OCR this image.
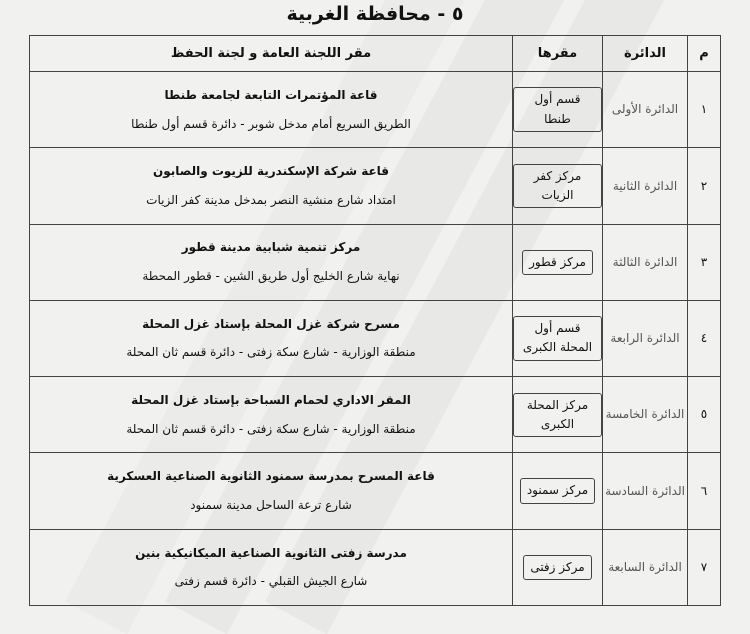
٥ - محافظة الغربية
م	الدائرة	مقرها	مقر اللجنة العامة و لجنة الحفظ
١	الدائرة الأولى	قسم أول طنطا	قاعة المؤتمرات التابعة لجامعة طنطا
الطريق السريع أمام مدخل شوبر - دائرة قسم أول طنطا

٢	الدائرة الثانية	مركز كفر الزيات	قاعة شركة الإسكندرية للزيوت والصابون
امتداد شارع منشية النصر بمدخل مدينة كفر الزيات

٣	الدائرة الثالثة	مركز قطور	مركز تنمية شبابية مدينة قطور
نهاية شارع الخليج أول طريق الشين - قطور المحطة

٤	الدائرة الرابعة	قسم أول المحلة الكبرى	مسرح شركة غزل المحلة بإستاد غزل المحلة
منطقة الوزارية - شارع سكة زفتى - دائرة قسم ثان المحلة

٥	الدائرة الخامسة	مركز المحلة الكبرى	المقر الاداري لحمام السباحة بإستاد غزل المحلة
منطقة الوزارية - شارع سكة زفتى - دائرة قسم ثان المحلة

٦	الدائرة السادسة	مركز سمنود	قاعة المسرح بمدرسة سمنود الثانوية الصناعية العسكرية
شارع ترعة الساحل مدينة سمنود

٧	الدائرة السابعة	مركز زفتى	مدرسة زفتى الثانوية الصناعية الميكانيكية بنين
شارع الجيش القبلي - دائرة قسم زفتى
